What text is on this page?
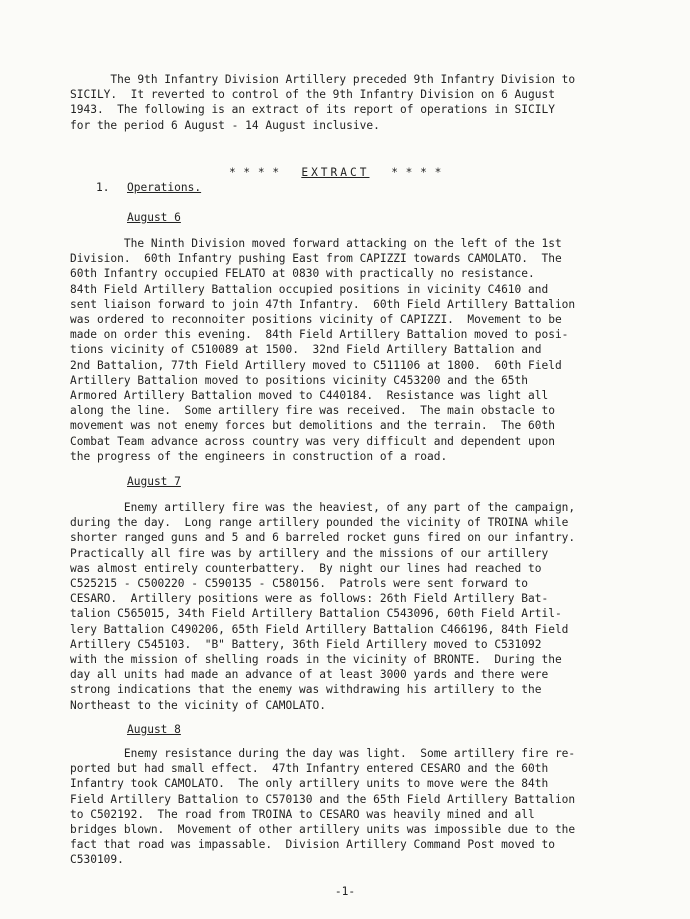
The 9th Infantry Division Artillery preceded 9th Infantry Division to
SICILY.  It reverted to control of the 9th Infantry Division on 6 August
1943.  The following is an extract of its report of operations in SICILY
for the period 6 August - 14 August inclusive.

* * * * EXTRACT * * * *

1. Operations.
August 6
The Ninth Division moved forward attacking on the left of the 1st
Division.  60th Infantry pushing East from CAPIZZI towards CAMOLATO.  The
60th Infantry occupied FELATO at 0830 with practically no resistance.
84th Field Artillery Battalion occupied positions in vicinity C4610 and
sent liaison forward to join 47th Infantry.  60th Field Artillery Battalion
was ordered to reconnoiter positions vicinity of CAPIZZI.  Movement to be
made on order this evening.  84th Field Artillery Battalion moved to posi-
tions vicinity of C510089 at 1500.  32nd Field Artillery Battalion and
2nd Battalion, 77th Field Artillery moved to C511106 at 1800.  60th Field
Artillery Battalion moved to positions vicinity C453200 and the 65th
Armored Artillery Battalion moved to C440184.  Resistance was light all
along the line.  Some artillery fire was received.  The main obstacle to
movement was not enemy forces but demolitions and the terrain.  The 60th
Combat Team advance across country was very difficult and dependent upon
the progress of the engineers in construction of a road.
August 7
Enemy artillery fire was the heaviest, of any part of the campaign,
during the day.  Long range artillery pounded the vicinity of TROINA while
shorter ranged guns and 5 and 6 barreled rocket guns fired on our infantry.
Practically all fire was by artillery and the missions of our artillery
was almost entirely counterbattery.  By night our lines had reached to
C525215 - C500220 - C590135 - C580156.  Patrols were sent forward to
CESARO.  Artillery positions were as follows: 26th Field Artillery Bat-
talion C565015, 34th Field Artillery Battalion C543096, 60th Field Artil-
lery Battalion C490206, 65th Field Artillery Battalion C466196, 84th Field
Artillery C545103.  "B" Battery, 36th Field Artillery moved to C531092
with the mission of shelling roads in the vicinity of BRONTE.  During the
day all units had made an advance of at least 3000 yards and there were
strong indications that the enemy was withdrawing his artillery to the
Northeast to the vicinity of CAMOLATO.
August 8
Enemy resistance during the day was light.  Some artillery fire re-
ported but had small effect.  47th Infantry entered CESARO and the 60th
Infantry took CAMOLATO.  The only artillery units to move were the 84th
Field Artillery Battalion to C570130 and the 65th Field Artillery Battalion
to C502192.  The road from TROINA to CESARO was heavily mined and all
bridges blown.  Movement of other artillery units was impossible due to the
fact that road was impassable.  Division Artillery Command Post moved to
C530109.
-1-
